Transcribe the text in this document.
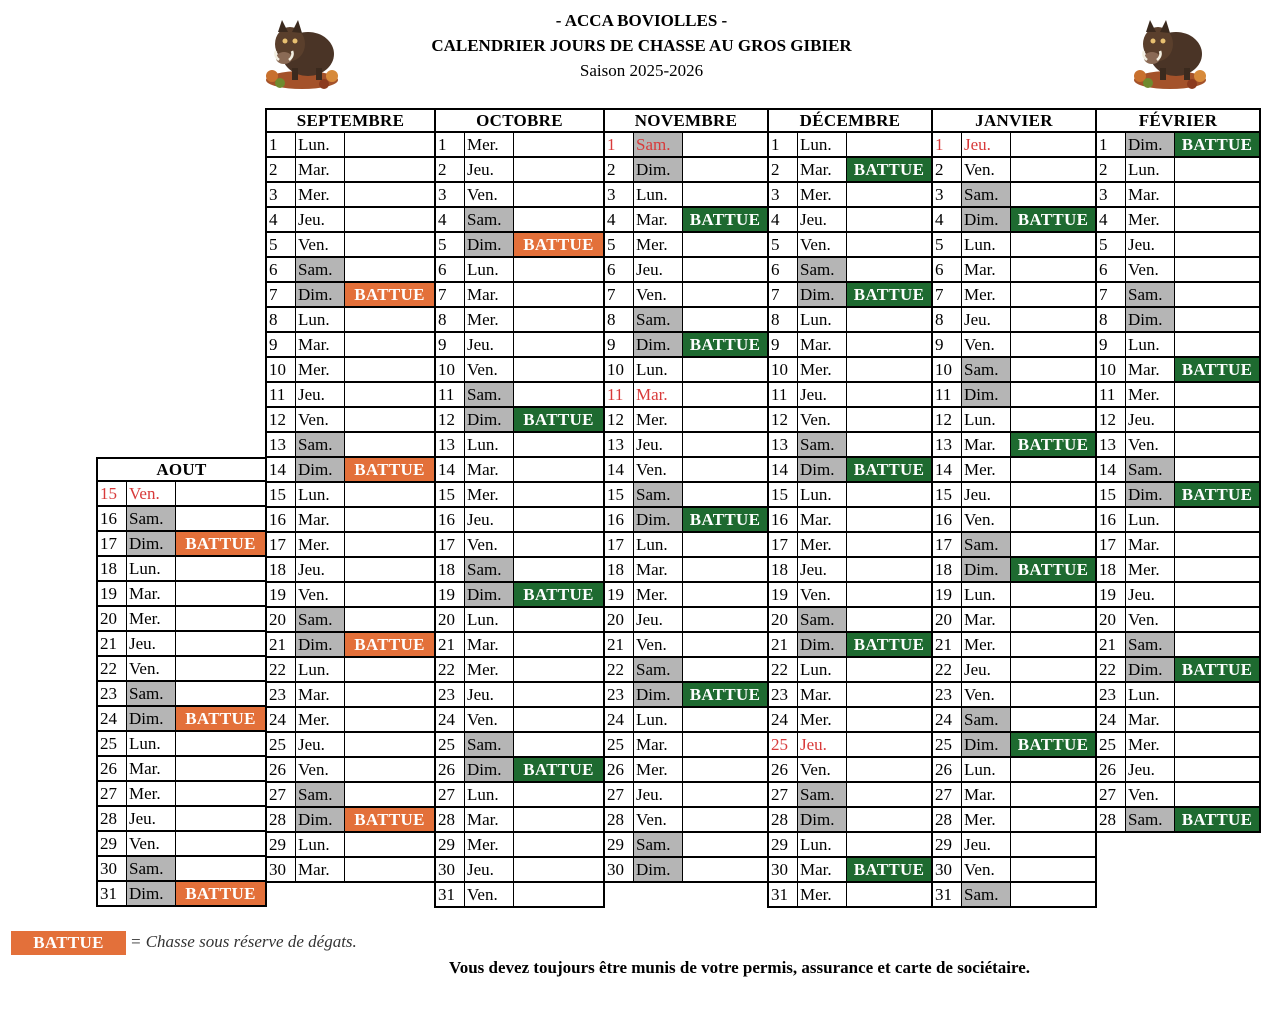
- ACCA BOVIOLLES -
CALENDRIER JOURS DE CHASSE AU GROS GIBIER
Saison 2025-2026
AOUT
15 Ven.
16 Sam.
17 Dim.	BATTUE
18 Lun.
19 Mar.
20 Mer.
21 Jeu.
22 Ven.
23 Sam.
24 Dim.	BATTUE
25 Lun.
26 Mar.
27 Mer.
28 Jeu.
29 Ven.
30 Sam.
31 Dim.	BATTUE
SEPTEMBRE
1	Lun.
2	Mar.
3	Mer.
4	Jeu.
5	Ven.
6	Sam.
7	Dim.	BATTUE
8	Lun.
9	Mar.
10 Mer.
11 Jeu.
12 Ven.
13 Sam.
14 Dim.	BATTUE
15 Lun.
16 Mar.
17 Mer.
18 Jeu.
19 Ven.
20 Sam.
21 Dim.	BATTUE
22 Lun.
23 Mar.
24 Mer.
25 Jeu.
26 Ven.
27 Sam.
28 Dim.	BATTUE
29 Lun.
30 Mar.
OCTOBRE
1	Mer.
2	Jeu.
3	Ven.
4	Sam.
5	Dim.	BATTUE
6	Lun.
7	Mar.
8	Mer.
9	Jeu.
10 Ven.
11 Sam.
12 Dim.	BATTUE
13 Lun.
14 Mar.
15 Mer.
16 Jeu.
17 Ven.
18 Sam.
19 Dim.	BATTUE
20 Lun.
21 Mar.
22 Mer.
23 Jeu.
24 Ven.
25 Sam.
26 Dim.	BATTUE
27 Lun.
28 Mar.
29 Mer.
30 Jeu.
31 Ven.
NOVEMBRE
1	Sam.
2	Dim.
3	Lun.
4	Mar.	BATTUE
5	Mer.
6	Jeu.
7	Ven.
8	Sam.
9	Dim.	BATTUE
10 Lun.
11 Mar.
12 Mer.
13 Jeu.
14 Ven.
15 Sam.
16 Dim.	BATTUE
17 Lun.
18 Mar.
19 Mer.
20 Jeu.
21 Ven.
22 Sam.
23 Dim.	BATTUE
24 Lun.
25 Mar.
26 Mer.
27 Jeu.
28 Ven.
29 Sam.
30 Dim.
DÉCEMBRE
1	Lun.
2	Mar.	BATTUE
3	Mer.
4	Jeu.
5	Ven.
6	Sam.
7	Dim.	BATTUE
8	Lun.
9	Mar.
10 Mer.
11 Jeu.
12 Ven.
13 Sam.
14 Dim.	BATTUE
15 Lun.
16 Mar.
17 Mer.
18 Jeu.
19 Ven.
20 Sam.
21 Dim.	BATTUE
22 Lun.
23 Mar.
24 Mer.
25 Jeu.
26 Ven.
27 Sam.
28 Dim.
29 Lun.
30 Mar.	BATTUE
31 Mer.
JANVIER
1	Jeu.
2	Ven.
3	Sam.
4	Dim.	BATTUE
5	Lun.
6	Mar.
7	Mer.
8	Jeu.
9	Ven.
10 Sam.
11 Dim.
12 Lun.
13 Mar.	BATTUE
14 Mer.
15 Jeu.
16 Ven.
17 Sam.
18 Dim.	BATTUE
19 Lun.
20 Mar.
21 Mer.
22 Jeu.
23 Ven.
24 Sam.
25 Dim.	BATTUE
26 Lun.
27 Mar.
28 Mer.
29 Jeu.
30 Ven.
31 Sam.
FÉVRIER
1	Dim.	BATTUE
2	Lun.
3	Mar.
4	Mer.
5	Jeu.
6	Ven.
7	Sam.
8	Dim.
9	Lun.
10 Mar.	BATTUE
11 Mer.
12 Jeu.
13 Ven.
14 Sam.
15 Dim.	BATTUE
16 Lun.
17 Mar.
18 Mer.
19 Jeu.
20 Ven.
21 Sam.
22 Dim.	BATTUE
23 Lun.
24 Mar.
25 Mer.
26 Jeu.
27 Ven.
28 Sam.	BATTUE
BATTUE	= Chasse sous réserve de dégats.
Vous devez toujours être munis de votre permis, assurance et carte de sociétaire.
